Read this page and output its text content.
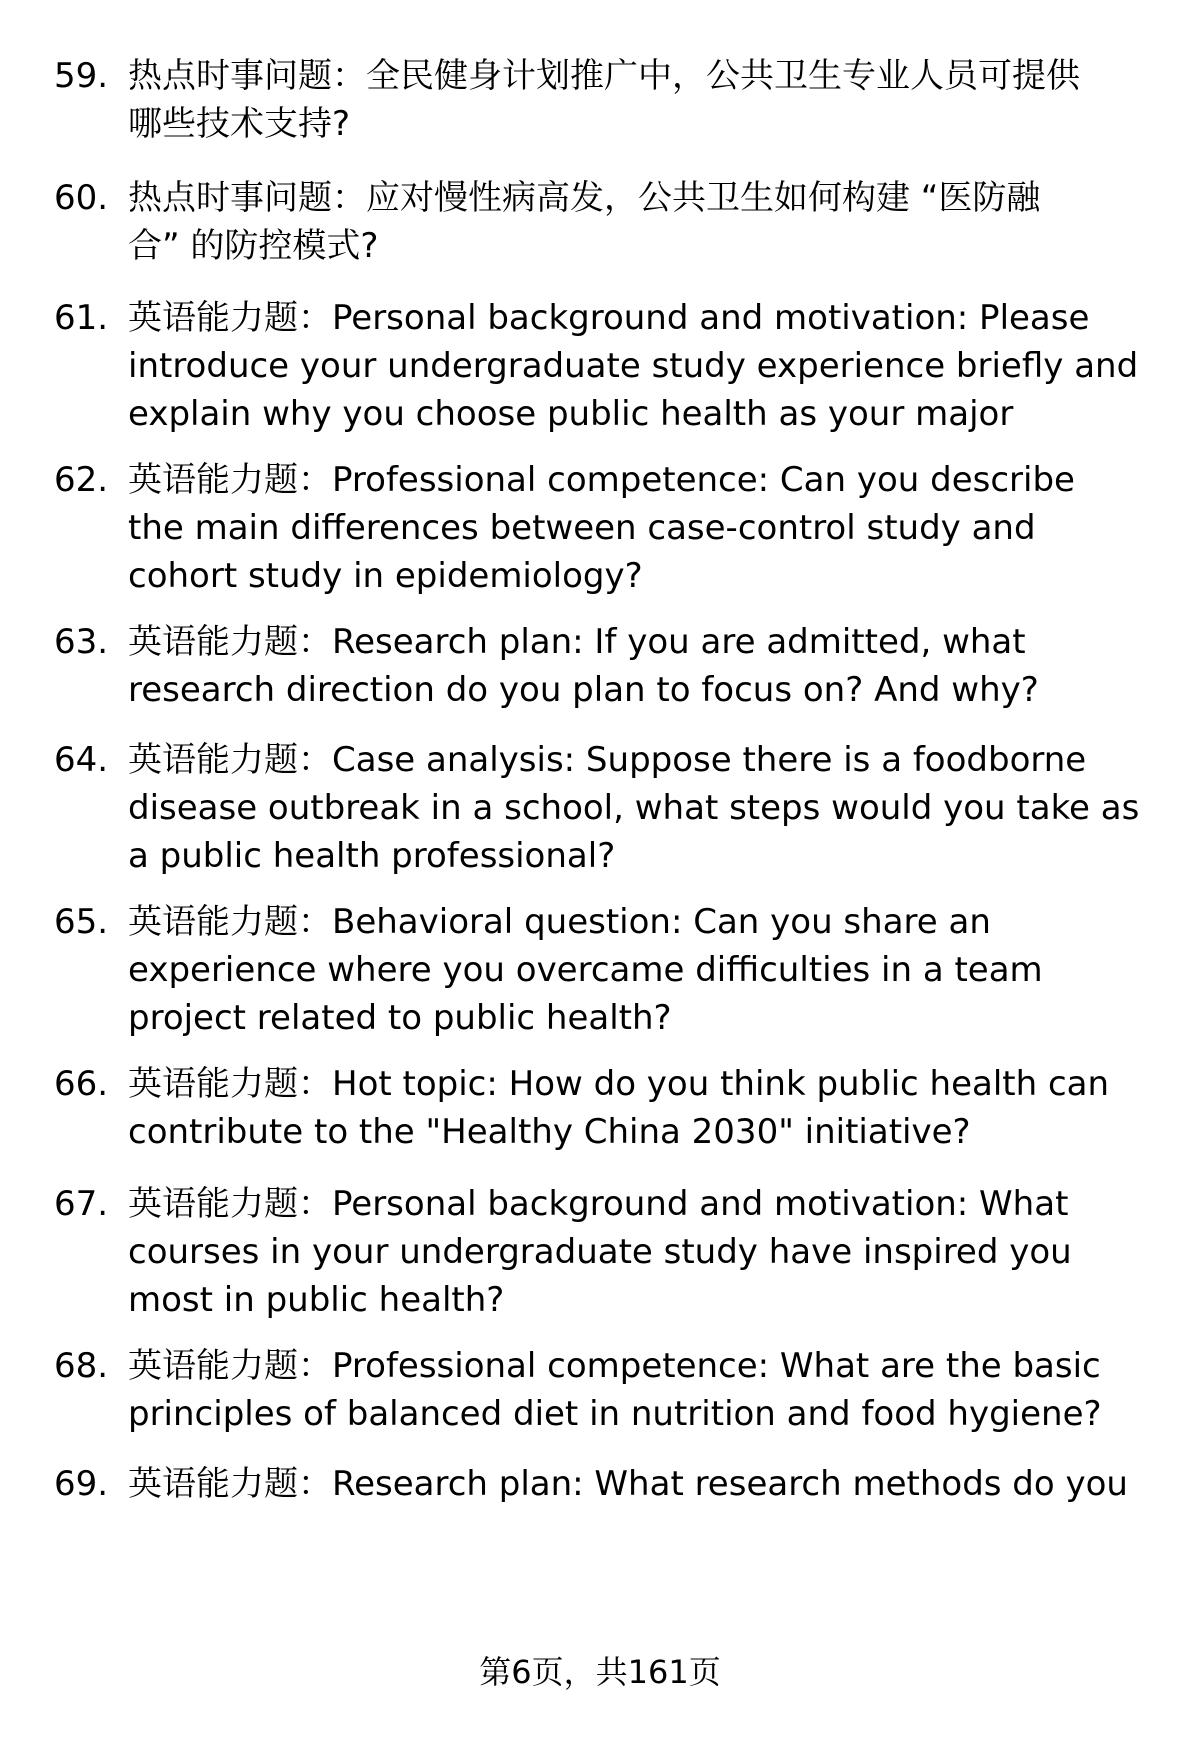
59. 热点时事问题：全民健身计划推广中，公共卫生专业人员可提供
哪些技术支持?
60. 热点时事问题：应对慢性病高发，公共卫生如何构建 “医防融
合” 的防控模式?
61. 英语能力题：Personal background and motivation: Please
introduce your undergraduate study experience briefly and
explain why you choose public health as your major
62. 英语能力题：Professional competence: Can you describe
the main differences between case-control study and
cohort study in epidemiology?
63. 英语能力题：Research plan: If you are admitted, what
research direction do you plan to focus on? And why?
64. 英语能力题：Case analysis: Suppose there is a foodborne
disease outbreak in a school, what steps would you take as
a public health professional?
65. 英语能力题：Behavioral question: Can you share an
experience where you overcame difficulties in a team
project related to public health?
66. 英语能力题：Hot topic: How do you think public health can
contribute to the "Healthy China 2030" initiative?
67. 英语能力题：Personal background and motivation: What
courses in your undergraduate study have inspired you
most in public health?
68. 英语能力题：Professional competence: What are the basic
principles of balanced diet in nutrition and food hygiene?
69. 英语能力题：Research plan: What research methods do you
第6页，共161页
